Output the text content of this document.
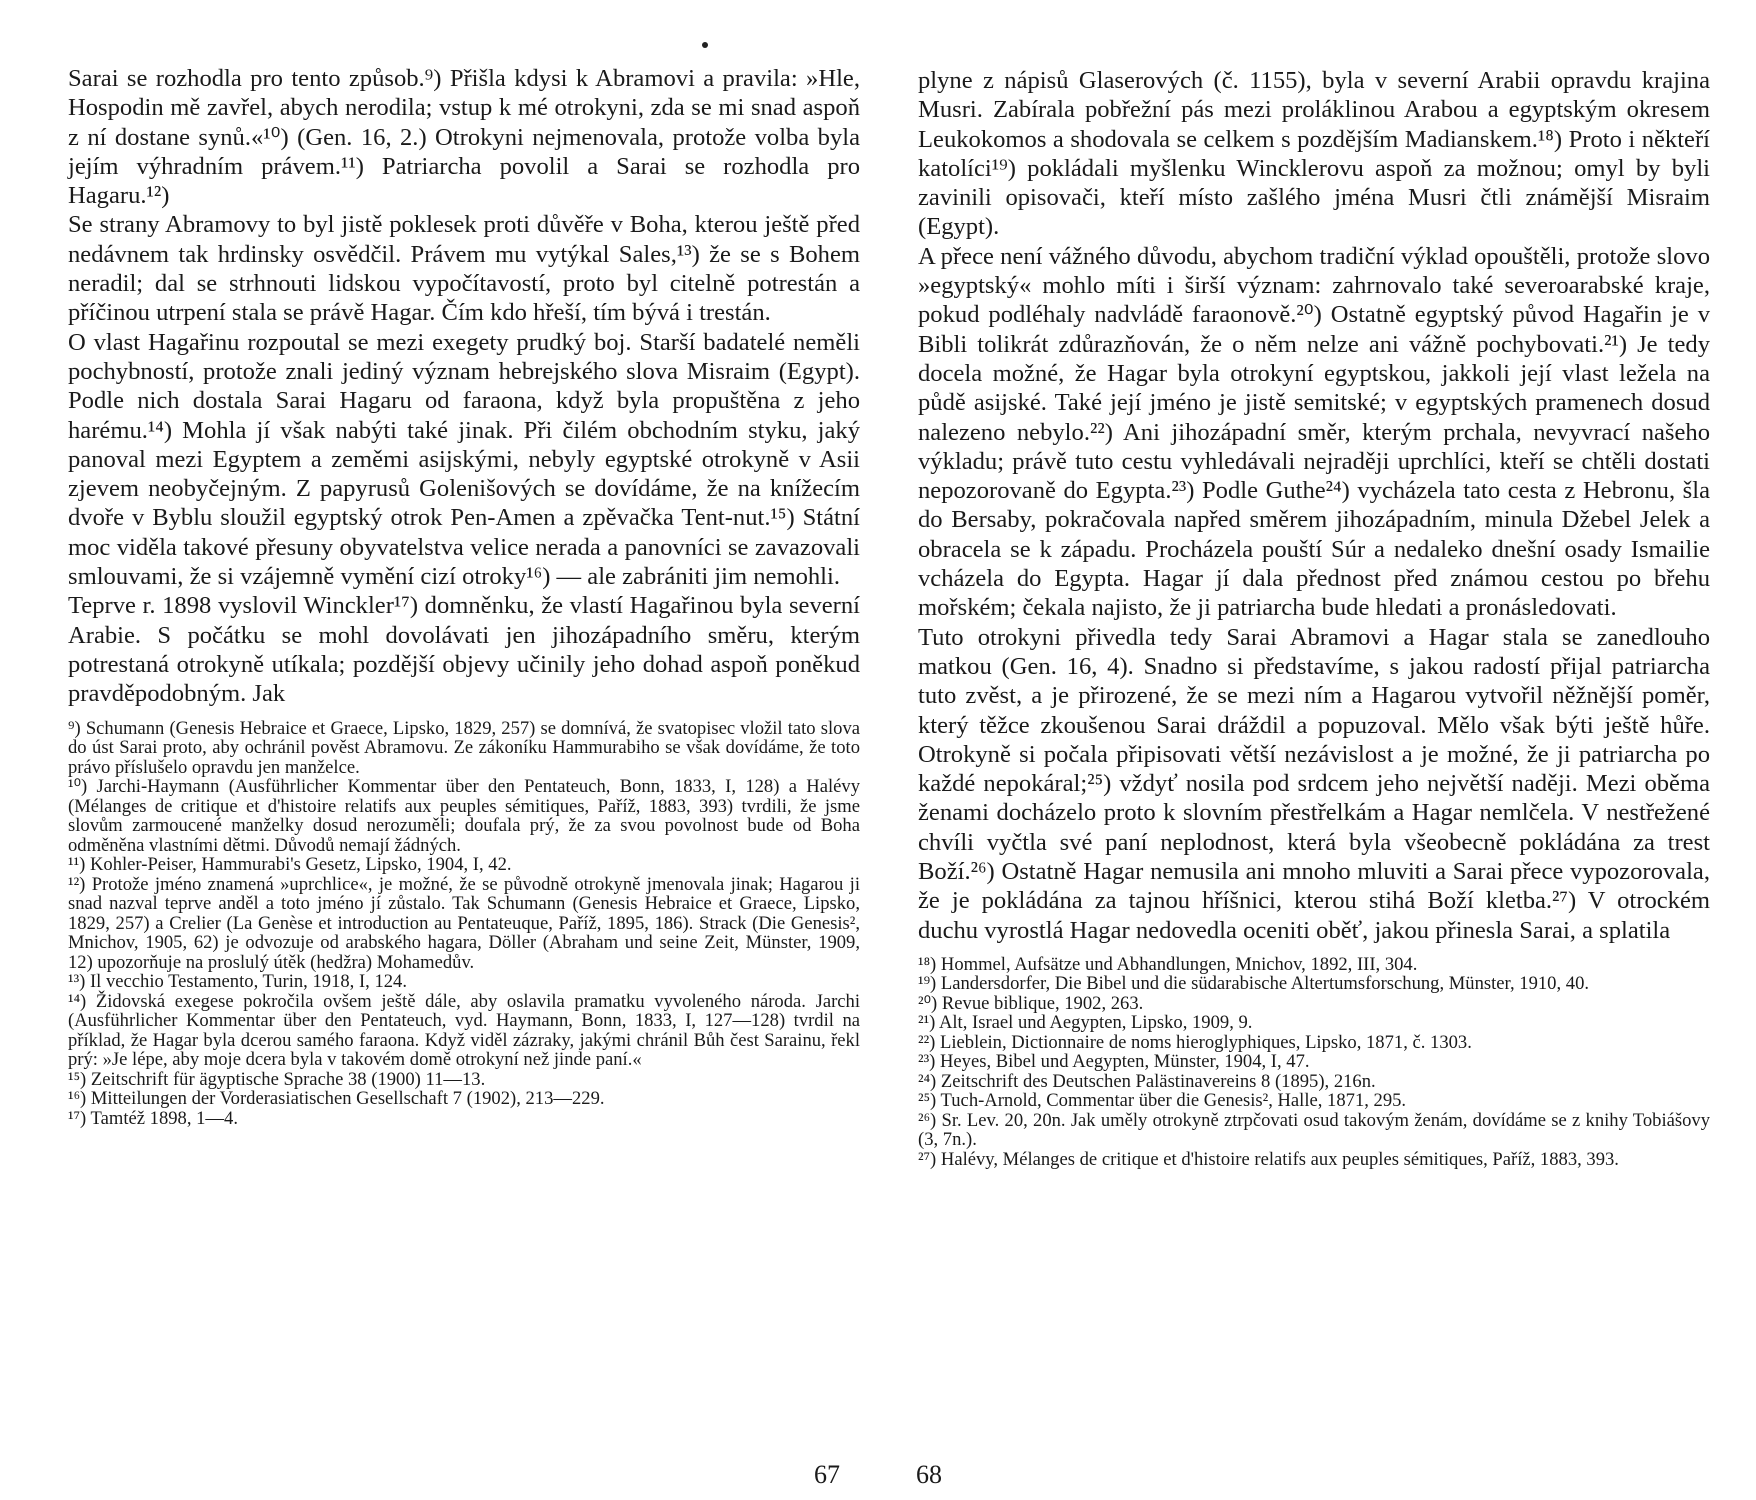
Sarai se rozhodla pro tento způsob.⁹) Přišla kdysi k Abramovi a pravila: »Hle, Hospodin mě zavřel, abych nerodila; vstup k mé otrokyni, zda se mi snad aspoň z ní dostane synů.«¹⁰) (Gen. 16, 2.) Otrokyni nejmenovala, protože volba byla jejím výhradním právem.¹¹) Patriarcha povolil a Sarai se rozhodla pro Hagaru.¹²)

Se strany Abramovy to byl jistě poklesek proti důvěře v Boha, kterou ještě před nedávnem tak hrdinsky osvědčil. Právem mu vytýkal Sales,¹³) že se s Bohem neradil; dal se strhnouti lidskou vypočítavostí, proto byl citelně potrestán a příčinou utrpení stala se právě Hagar. Čím kdo hřeší, tím bývá i trestán.

O vlast Hagařinu rozpoutal se mezi exegety prudký boj. Starší badatelé neměli pochybností, protože znali jediný význam hebrejského slova Misraim (Egypt). Podle nich dostala Sarai Hagaru od faraona, když byla propuštěna z jeho harému.¹⁴) Mohla jí však nabýti také jinak. Při čilém obchodním styku, jaký panoval mezi Egyptem a zeměmi asijskými, nebyly egyptské otrokyně v Asii zjevem neobyčejným. Z papyrusů Golenišových se dovídáme, že na knížecím dvoře v Byblu sloužil egyptský otrok Pen-Amen a zpěvačka Tent-nut.¹⁵) Státní moc viděla takové přesuny obyvatelstva velice nerada a panovníci se zavazovali smlouvami, že si vzájemně vymění cizí otroky¹⁶) — ale zabrániti jim nemohli.

Teprve r. 1898 vyslovil Winckler¹⁷) domněnku, že vlastí Hagařinou byla severní Arabie. S počátku se mohl dovolávati jen jihozápadního směru, kterým potrestaná otrokyně utíkala; pozdější objevy učinily jeho dohad aspoň poněkud pravděpodobným. Jak

⁹) Schumann (Genesis Hebraice et Graece, Lipsko, 1829, 257) se domnívá, že svatopisec vložil tato slova do úst Sarai proto, aby ochránil pověst Abramovu. Ze zákoníku Hammurabiho se však dovídáme, že toto právo příslušelo opravdu jen manželce.

¹⁰) Jarchi-Haymann (Ausführlicher Kommentar über den Pentateuch, Bonn, 1833, I, 128) a Halévy (Mélanges de critique et d'histoire relatifs aux peuples sémitiques, Paříž, 1883, 393) tvrdili, že jsme slovům zarmoucené manželky dosud nerozuměli; doufala prý, že za svou povolnost bude od Boha odměněna vlastními dětmi. Důvodů nemají žádných.

¹¹) Kohler-Peiser, Hammurabi's Gesetz, Lipsko, 1904, I, 42.

¹²) Protože jméno znamená »uprchlice«, je možné, že se původně otrokyně jmenovala jinak; Hagarou ji snad nazval teprve anděl a toto jméno jí zůstalo. Tak Schumann (Genesis Hebraice et Graece, Lipsko, 1829, 257) a Crelier (La Genèse et introduction au Pentateuque, Paříž, 1895, 186). Strack (Die Genesis², Mnichov, 1905, 62) je odvozuje od arabského hagara, Döller (Abraham und seine Zeit, Münster, 1909, 12) upozorňuje na proslulý útěk (hedžra) Mohamedův.

¹³) Il vecchio Testamento, Turin, 1918, I, 124.

¹⁴) Židovská exegese pokročila ovšem ještě dále, aby oslavila pramatku vyvoleného národa. Jarchi (Ausführlicher Kommentar über den Pentateuch, vyd. Haymann, Bonn, 1833, I, 127—128) tvrdil na příklad, že Hagar byla dcerou samého faraona. Když viděl zázraky, jakými chránil Bůh čest Sarainu, řekl prý: »Je lépe, aby moje dcera byla v takovém domě otrokyní než jinde paní.«

¹⁵) Zeitschrift für ägyptische Sprache 38 (1900) 11—13.

¹⁶) Mitteilungen der Vorderasiatischen Gesellschaft 7 (1902), 213—229.

¹⁷) Tamtéž 1898, 1—4.

67

plyne z nápisů Glaserových (č. 1155), byla v severní Arabii opravdu krajina Musri. Zabírala pobřežní pás mezi proláklinou Arabou a egyptským okresem Leukokomos a shodovala se celkem s pozdějším Madianskem.¹⁸) Proto i někteří katolíci¹⁹) pokládali myšlenku Wincklerovu aspoň za možnou; omyl by byli zavinili opisovači, kteří místo zašlého jména Musri čtli známější Misraim (Egypt).

A přece není vážného důvodu, abychom tradiční výklad opouštěli, protože slovo »egyptský« mohlo míti i širší význam: zahrnovalo také severoarabské kraje, pokud podléhaly nadvládě faraonově.²⁰) Ostatně egyptský původ Hagařin je v Bibli tolikrát zdůrazňován, že o něm nelze ani vážně pochybovati.²¹) Je tedy docela možné, že Hagar byla otrokyní egyptskou, jakkoli její vlast ležela na půdě asijské. Také její jméno je jistě semitské; v egyptských pramenech dosud nalezeno nebylo.²²) Ani jihozápadní směr, kterým prchala, nevyvrací našeho výkladu; právě tuto cestu vyhledávali nejraději uprchlíci, kteří se chtěli dostati nepozorovaně do Egypta.²³) Podle Guthe²⁴) vycházela tato cesta z Hebronu, šla do Bersaby, pokračovala napřed směrem jihozápadním, minula Džebel Jelek a obracela se k západu. Procházela pouští Súr a nedaleko dnešní osady Ismailie vcházela do Egypta. Hagar jí dala přednost před známou cestou po břehu mořském; čekala najisto, že ji patriarcha bude hledati a pronásledovati.

Tuto otrokyni přivedla tedy Sarai Abramovi a Hagar stala se zanedlouho matkou (Gen. 16, 4). Snadno si představíme, s jakou radostí přijal patriarcha tuto zvěst, a je přirozené, že se mezi ním a Hagarou vytvořil něžnější poměr, který těžce zkoušenou Sarai dráždil a popuzoval. Mělo však býti ještě hůře. Otrokyně si počala připisovati větší nezávislost a je možné, že ji patriarcha po každé nepokáral;²⁵) vždyť nosila pod srdcem jeho největší naději. Mezi oběma ženami docházelo proto k slovním přestřelkám a Hagar nemlčela. V nestřežené chvíli vyčtla své paní neplodnost, která byla všeobecně pokládána za trest Boží.²⁶) Ostatně Hagar nemusila ani mnoho mluviti a Sarai přece vypozorovala, že je pokládána za tajnou hříšnici, kterou stihá Boží kletba.²⁷) V otrockém duchu vyrostlá Hagar nedovedla oceniti oběť, jakou přinesla Sarai, a splatila

¹⁸) Hommel, Aufsätze und Abhandlungen, Mnichov, 1892, III, 304.

¹⁹) Landersdorfer, Die Bibel und die südarabische Altertumsforschung, Münster, 1910, 40.

²⁰) Revue biblique, 1902, 263.

²¹) Alt, Israel und Aegypten, Lipsko, 1909, 9.

²²) Lieblein, Dictionnaire de noms hieroglyphiques, Lipsko, 1871, č. 1303.

²³) Heyes, Bibel und Aegypten, Münster, 1904, I, 47.

²⁴) Zeitschrift des Deutschen Palästinavereins 8 (1895), 216n.

²⁵) Tuch-Arnold, Commentar über die Genesis², Halle, 1871, 295.

²⁶) Sr. Lev. 20, 20n. Jak uměly otrokyně ztrpčovati osud takovým ženám, dovídáme se z knihy Tobiášovy (3, 7n.).

²⁷) Halévy, Mélanges de critique et d'histoire relatifs aux peuples sémitiques, Paříž, 1883, 393.

68
